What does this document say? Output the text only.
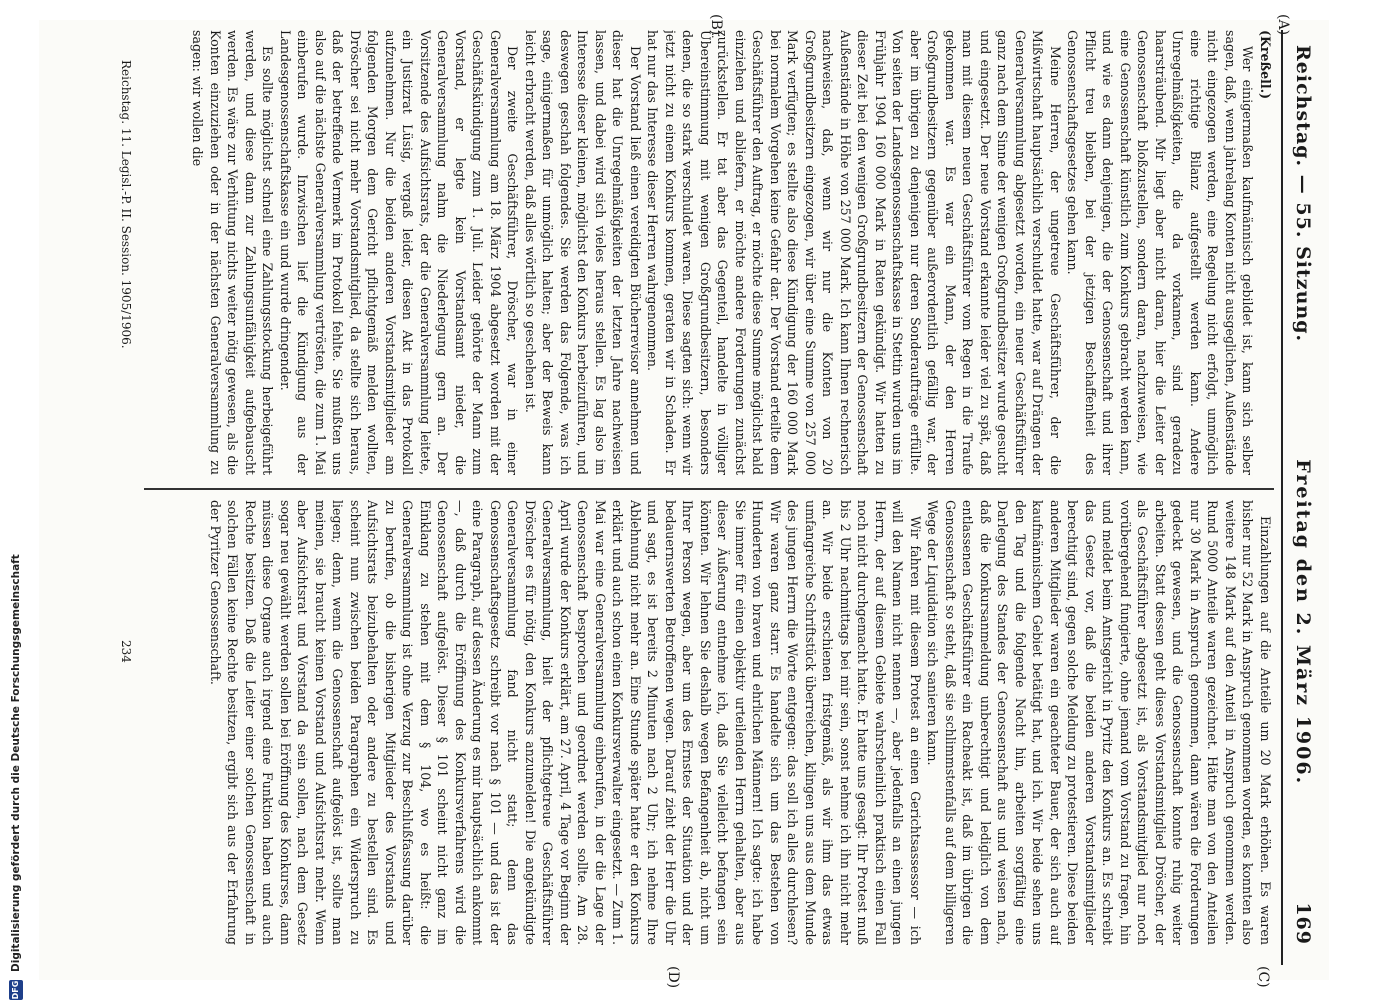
Reichstag. — 55. Sitzung.
Freitag den 2. März 1906.
169
(A)
(B)
(C)
(D)

(Kreßell.)

Wer einigermaßen kaufmännisch gebildet ist, kann sich selber sagen, daß, wenn jahrelang Konten nicht ausgeglichen, Außenstände nicht eingezogen werden, eine Regelung nicht erfolgt, unmöglich eine richtige Bilanz aufgestellt werden kann. Andere Unregelmäßigkeiten, die da vorkamen, sind geradezu haarsträubend. Mir liegt aber nicht daran, hier die Leiter der Genossenschaft bloßzustellen, sondern daran, nachzuweisen, wie eine Genossenschaft künstlich zum Konkurs gebracht werden kann, und wie es dann denjenigen, die der Genossenschaft und ihrer Pflicht treu bleiben, bei der jetzigen Beschaffenheit des Genossenschaftsgesetzes gehen kann.

Meine Herren, der ungetreue Geschäftsführer, der die Mißwirtschaft hauptsächlich verschuldet hatte, war auf Drängen der Generalversammlung abgesetzt worden, ein neuer Geschäftsführer ganz nach dem Sinne der wenigen Großgrundbesitzer wurde gesucht und eingesetzt. Der neue Vorstand erkannte leider viel zu spät, daß man mit diesem neuen Geschäftsführer vom Regen in die Traufe gekommen war. Es war ein Mann, der den Herren Großgrundbesitzern gegenüber außerordentlich gefällig war, der aber im übrigen zu denjenigen nur deren Sonderaufträge erfüllte. Von seiten der Landesgenossenschaftskasse in Stettin wurden uns im Frühjahr 1904 160 000 Mark in Raten gekündigt. Wir hatten zu dieser Zeit bei den wenigen Großgrundbesitzern der Genossenschaft Außenstände in Höhe von 257 000 Mark. Ich kann Ihnen rechnerisch nachweisen, daß, wenn wir nur die Konten von 20 Großgrundbesitzern eingezogen, wir über eine Summe von 257 000 Mark verfügten; es stellte also diese Kündigung der 160 000 Mark bei normalem Vorgehen keine Gefahr dar. Der Vorstand erteilte dem Geschäftsführer den Auftrag, er möchte diese Summe möglichst bald einziehen und abliefern, er möchte andere Forderungen zunächst zurückstellen. Er tat aber das Gegenteil, handelte in völliger Übereinstimmung mit wenigen Großgrundbesitzern, besonders denen, die so stark verschuldet waren. Diese sagten sich: wenn wir jetzt nicht zu einem Konkurs kommen, geraten wir in Schaden. Er hat nur das Interesse dieser Herren wahrgenommen.

Der Vorstand ließ einen vereidigten Bücherrevisor annehmen und dieser hat die Unregelmäßigkeiten der letzten Jahre nachweisen lassen, und dabei wird sich vieles heraus stellen. Es lag also im Interesse dieser kleinen, möglichst den Konkurs herbeizuführen, und deswegen geschah folgendes. Sie werden das Folgende, was ich sage, einigermaßen für unmöglich halten; aber der Beweis kann leicht erbracht werden, daß alles wörtlich so geschehen ist.

Der zweite Geschäftsführer, Dröscher, war in einer Generalversammlung am 18. März 1904 abgesetzt worden mit der Geschäftskündigung zum 1. Juli. Leider gehörte der Mann zum Vorstand, er legte kein Vorstandsamt nieder, die Generalversammlung nahm die Niederlegung gern an. Der Vorsitzende des Aufsichtsrats, der die Generalversammlung leitete, ein Justizrat Lüsig, vergaß leider, diesen Akt in das Protokoll aufzunehmen. Nur die beiden anderen Vorstandsmitglieder am folgenden Morgen dem Gericht pflichtgemäß melden wollten, Dröscher sei nicht mehr Vorstandsmitglied, da stellte sich heraus, daß der betreffende Vermerk im Protokoll fehlte. Sie mußten uns also auf die nächste Generalversammlung vertrösten, die zum 1. Mai einberufen wurde. Inzwischen lief die Kündigung aus der Landesgenossenschaftskasse ein und wurde dringender.

Es sollte möglichst schnell eine Zahlungsstockung herbeigeführt werden, und diese dann zur Zahlungsunfähigkeit aufgebauscht werden. Es wäre zur Verhütung nichts weiter nötig gewesen, als die Konten einzuziehen oder in der nächsten Generalversammlung zu sagen: wir wollen die

Einzahlungen auf die Anteile um 20 Mark erhöhen. Es waren bisher nur 52 Mark in Anspruch genommen worden, es konnten also weitere 148 Mark auf den Anteil in Anspruch genommen werden. Rund 5000 Anteile waren gezeichnet. Hätte man von den Anteilen nur 30 Mark in Anspruch genommen, dann wären die Forderungen gedeckt gewesen, und die Genossenschaft konnte ruhig weiter arbeiten. Statt dessen geht dieses Vorstandsmitglied Dröscher, der als Geschäftsführer abgesetzt ist, als Vorstandsmitglied nur noch vorübergehend fungierte, ohne jemand vom Vorstand zu fragen, hin und meldet beim Amtsgericht in Pyritz den Konkurs an. Es schreibt das Gesetz vor, daß die beiden anderen Vorstandsmitglieder berechtigt sind, gegen solche Meldung zu protestieren. Diese beiden anderen Mitglieder waren ein geachteter Bauer, der sich auch auf kaufmännischem Gebiet betätigt hat, und ich. Wir beide sehen uns den Tag und die folgende Nacht hin, arbeiten sorgfältig eine Darlegung des Standes der Genossenschaft aus und weisen nach, daß die Konkursanmeldung unberechtigt und lediglich von dem entlassenen Geschäftsführer ein Racheakt ist, daß im übrigen die Genossenschaft so steht, daß sie schlimmstenfalls auf dem billigeren Wege der Liquidation sich sanieren kann.

Wir fahren mit diesem Protest an einen Gerichtsassessor — ich will den Namen nicht nennen —, aber jedenfalls an einen jungen Herrn, der auf diesem Gebiete wahrscheinlich praktisch einen Fall noch nicht durchgemacht hatte. Er hatte uns gesagt: Ihr Protest muß bis 2 Uhr nachmittags bei mir sein, sonst nehme ich ihn nicht mehr an. Wir beide erschienen fristgemäß, als wir ihm das etwas umfangreiche Schriftstück überreichen, klingen uns aus dem Munde des jungen Herrn die Worte entgegen: das soll ich alles durchlesen? Wir waren ganz starr. Es handelte sich um das Bestehen von Hunderten von braven und ehrlichen Männern! Ich sagte: ich habe Sie immer für einen objektiv urteilenden Herrn gehalten, aber aus dieser Äußerung entnehme ich, daß Sie vielleicht befangen sein könnten. Wir lehnen Sie deshalb wegen Befangenheit ab, nicht um Ihrer Person wegen, aber um des Ernstes der Situation und der bedauernswerten Betroffenen wegen. Darauf zieht der Herr die Uhr und sagt, es ist bereits 2 Minuten nach 2 Uhr; ich nehme Ihre Ablehnung nicht mehr an. Eine Stunde später hatte er den Konkurs erklärt und auch schon einen Konkursverwalter eingesetzt. — Zum 1. Mai war eine Generalversammlung einberufen, in der die Lage der Genossenschaft besprochen und geordnet werden sollte. Am 28. April wurde der Konkurs erklärt, am 27. April, 4 Tage vor Beginn der Generalversammlung, hielt der pflichtgetreue Geschäftsführer Dröscher es für nötig, den Konkurs anzumelden! Die angekündigte Generalversammlung fand nicht statt; denn das Genossenschaftsgesetz schreibt vor nach § 101 — und das ist der eine Paragraph, auf dessen Änderung es mir hauptsächlich ankommt —, daß durch die Eröffnung des Konkursverfahrens wird die Genossenschaft aufgelöst. Dieser § 101 scheint nicht ganz im Einklang zu stehen mit dem § 104, wo es heißt: die Generalversammlung ist ohne Verzug zur Beschlußfassung darüber zu berufen, ob die bisherigen Mitglieder des Vorstands und Aufsichtsrats beizubehalten oder andere zu bestellen sind. Es scheint nun zwischen beiden Paragraphen ein Widerspruch zu liegen; denn, wenn die Genossenschaft aufgelöst ist, sollte man meinen, sie braucht keinen Vorstand und Aufsichtsrat mehr. Wenn aber Aufsichtsrat und Vorstand da sein sollen, nach dem Gesetz sogar neu gewählt werden sollen bei Eröffnung des Konkurses, dann müssen diese Organe auch irgend eine Funktion haben und auch Rechte besitzen. Daß die Leiter einer solchen Genossenschaft in solchen Fällen keine Rechte besitzen, ergibt sich aus der Erfahrung der Pyritzer Genossenschaft.

Reichstag. 11. Legisl.-P. II. Session. 1905/1906.
234
DFG
Digitalisierung gefördert durch die Deutsche Forschungsgemeinschaft
